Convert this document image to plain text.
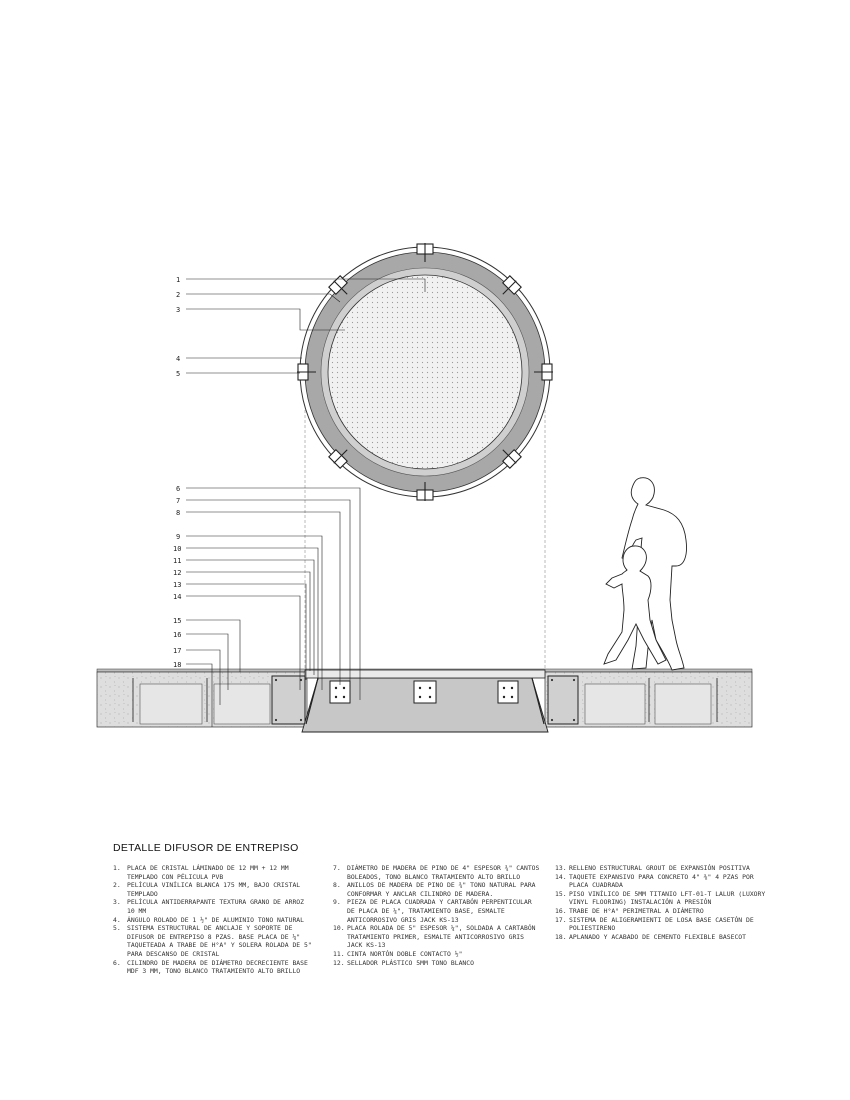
1
2
3
4
5
6
7
8
9
10
11
12
13
14
15
16
17
18
DETALLE DIFUSOR DE ENTREPISO
1. PLACA DE CRISTAL LÁMINADO DE 12 MM + 12 MM TEMPLADO CON PÉLICULA PVB
2. PELÍCULA VINÍLICA BLANCA 175 MM, BAJO CRISTAL TEMPLADO
3. PELÍCULA ANTIDERRAPANTE TEXTURA GRANO DE ARROZ 10 MM
4. ÁNGULO ROLADO DE 1 ½" DE ALUMINIO TONO NATURAL
5. SISTEMA ESTRUCTURAL DE ANCLAJE Y SOPORTE DE DIFUSOR DE ENTREPISO 8 PZAS. BASE PLACA DE ¼" TAQUETEADA A TRABE DE H°A° Y SOLERA ROLADA DE 5" PARA DESCANSO DE CRISTAL
6. CILINDRO DE MADERA DE DIÁMETRO DECRECIENTE BASE MDF 3 MM, TONO BLANCO TRATAMIENTO ALTO BRILLO
7. DIÁMETRO DE MADERA DE PINO DE 4" ESPESOR ¾" CANTOS BOLEADOS, TONO BLANCO TRATAMIENTO ALTO BRILLO
8. ANILLOS DE MADERA DE PINO DE ¾" TONO NATURAL PARA CONFORMAR Y ANCLAR CILINDRO DE MADERA.
9. PIEZA DE PLACA CUADRADA Y CARTABÓN PERPENTICULAR DE PLACA DE ¼", TRATAMIENTO BASE, ESMALTE ANTICORROSIVO GRIS JACK KS-13
10. PLACA ROLADA DE 5" ESPESOR ¼", SOLDADA A CARTABÓN TRATAMIENTO PRIMER, ESMALTE ANTICORROSIVO GRIS JACK KS-13
11. CINTA NORTÓN DOBLE CONTACTO ½"
12. SELLADOR PLÁSTICO 5MM TONO BLANCO
13. RELLENO ESTRUCTURAL GROUT DE EXPANSIÓN POSITIVA
14. TAQUETE EXPANSIVO PARA CONCRETO 4" ⅜" 4 PZAS POR PLACA CUADRADA
15. PISO VINÍLICO DE 5MM TITANIO LFT-01-T LALUR (LUXORY VINYL FLOORING) INSTALACIÓN A PRESIÓN
16. TRABE DE H°A° PERIMETRAL A DIÁMETRO
17. SISTEMA DE ALIGERAMIENTI DE LOSA BASE CASETÓN DE POLIESTIRENO
18. APLANADO Y ACABADO DE CEMENTO FLEXIBLE BASECOT
